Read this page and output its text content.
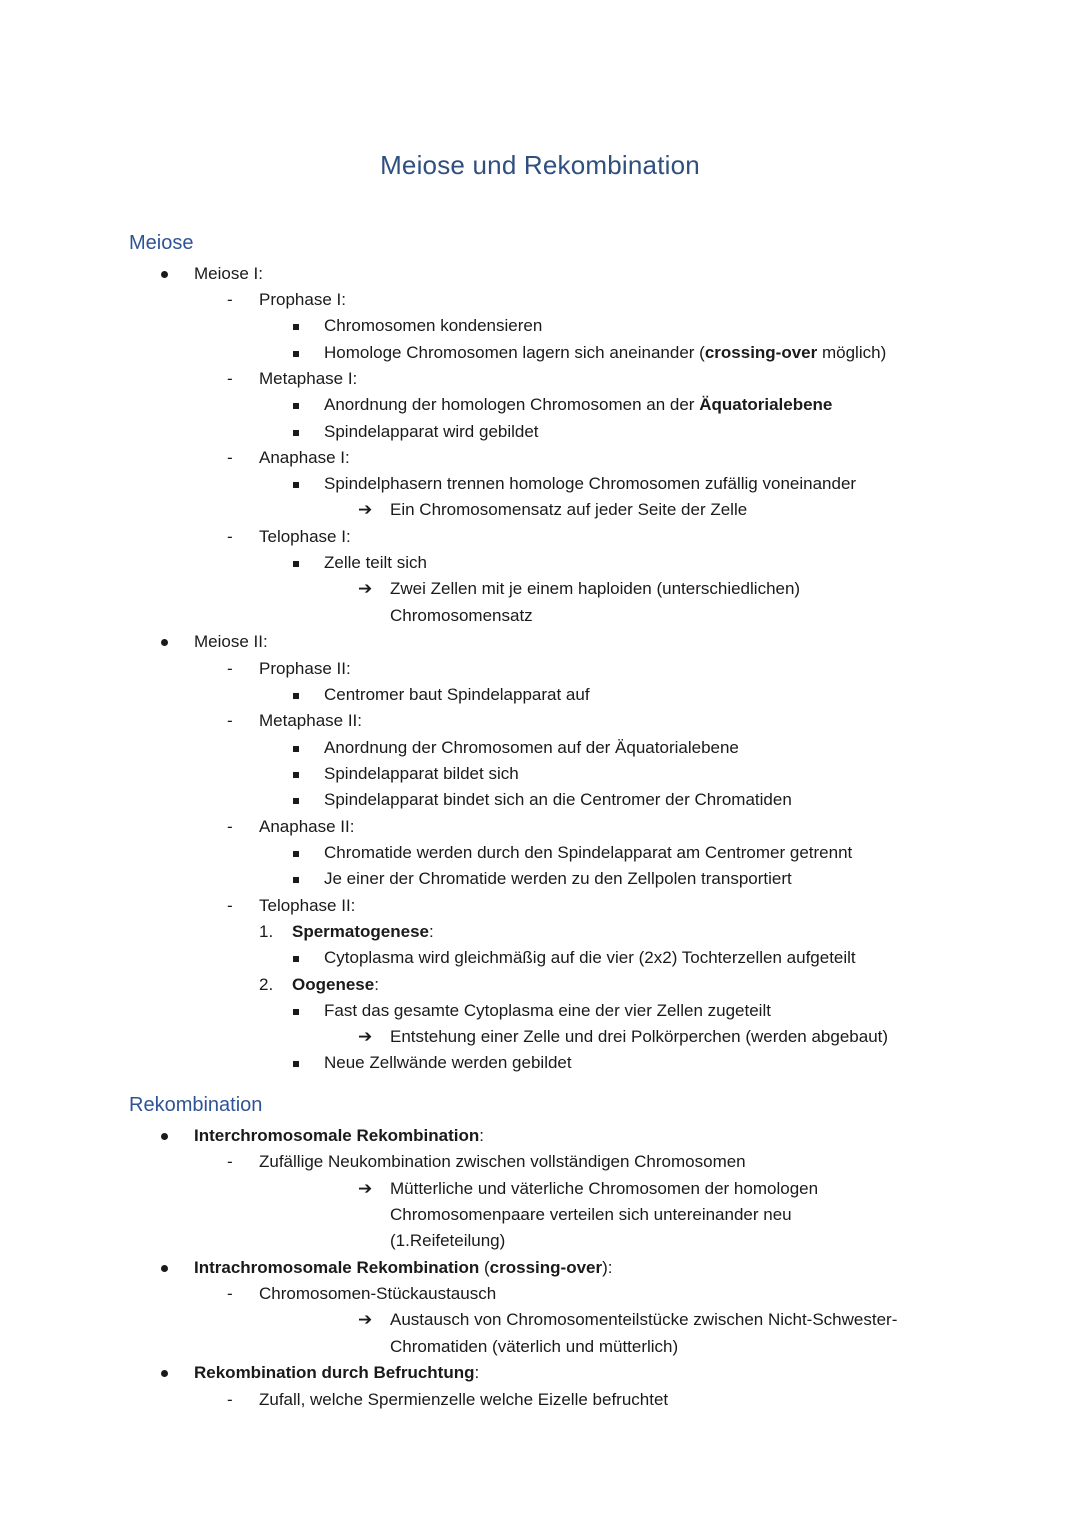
Meiose und Rekombination
Meiose
Meiose I:
- Prophase I:
Chromosomen kondensieren
Homologe Chromosomen lagern sich aneinander (crossing-over möglich)
- Metaphase I:
Anordnung der homologen Chromosomen an der Äquatorialebene
Spindelapparat wird gebildet
- Anaphase I:
Spindelphasern trennen homologe Chromosomen zufällig voneinander
➔ Ein Chromosomensatz auf jeder Seite der Zelle
- Telophase I:
Zelle teilt sich
➔ Zwei Zellen mit je einem haploiden (unterschiedlichen)
Chromosomensatz
Meiose II:
- Prophase II:
Centromer baut Spindelapparat auf
- Metaphase II:
Anordnung der Chromosomen auf der Äquatorialebene
Spindelapparat bildet sich
Spindelapparat bindet sich an die Centromer der Chromatiden
- Anaphase II:
Chromatide werden durch den Spindelapparat am Centromer getrennt
Je einer der Chromatide werden zu den Zellpolen transportiert
- Telophase II:
1. Spermatogenese:
Cytoplasma wird gleichmäßig auf die vier (2x2) Tochterzellen aufgeteilt
2. Oogenese:
Fast das gesamte Cytoplasma eine der vier Zellen zugeteilt
➔ Entstehung einer Zelle und drei Polkörperchen (werden abgebaut)
Neue Zellwände werden gebildet
Rekombination
Interchromosomale Rekombination:
- Zufällige Neukombination zwischen vollständigen Chromosomen
➔ Mütterliche und väterliche Chromosomen der homologen
Chromosomenpaare verteilen sich untereinander neu
(1.Reifeteilung)
Intrachromosomale Rekombination (crossing-over):
- Chromosomen-Stückaustausch
➔ Austausch von Chromosomenteilstücke zwischen Nicht-Schwester-
Chromatiden (väterlich und mütterlich)
Rekombination durch Befruchtung:
- Zufall, welche Spermienzelle welche Eizelle befruchtet
